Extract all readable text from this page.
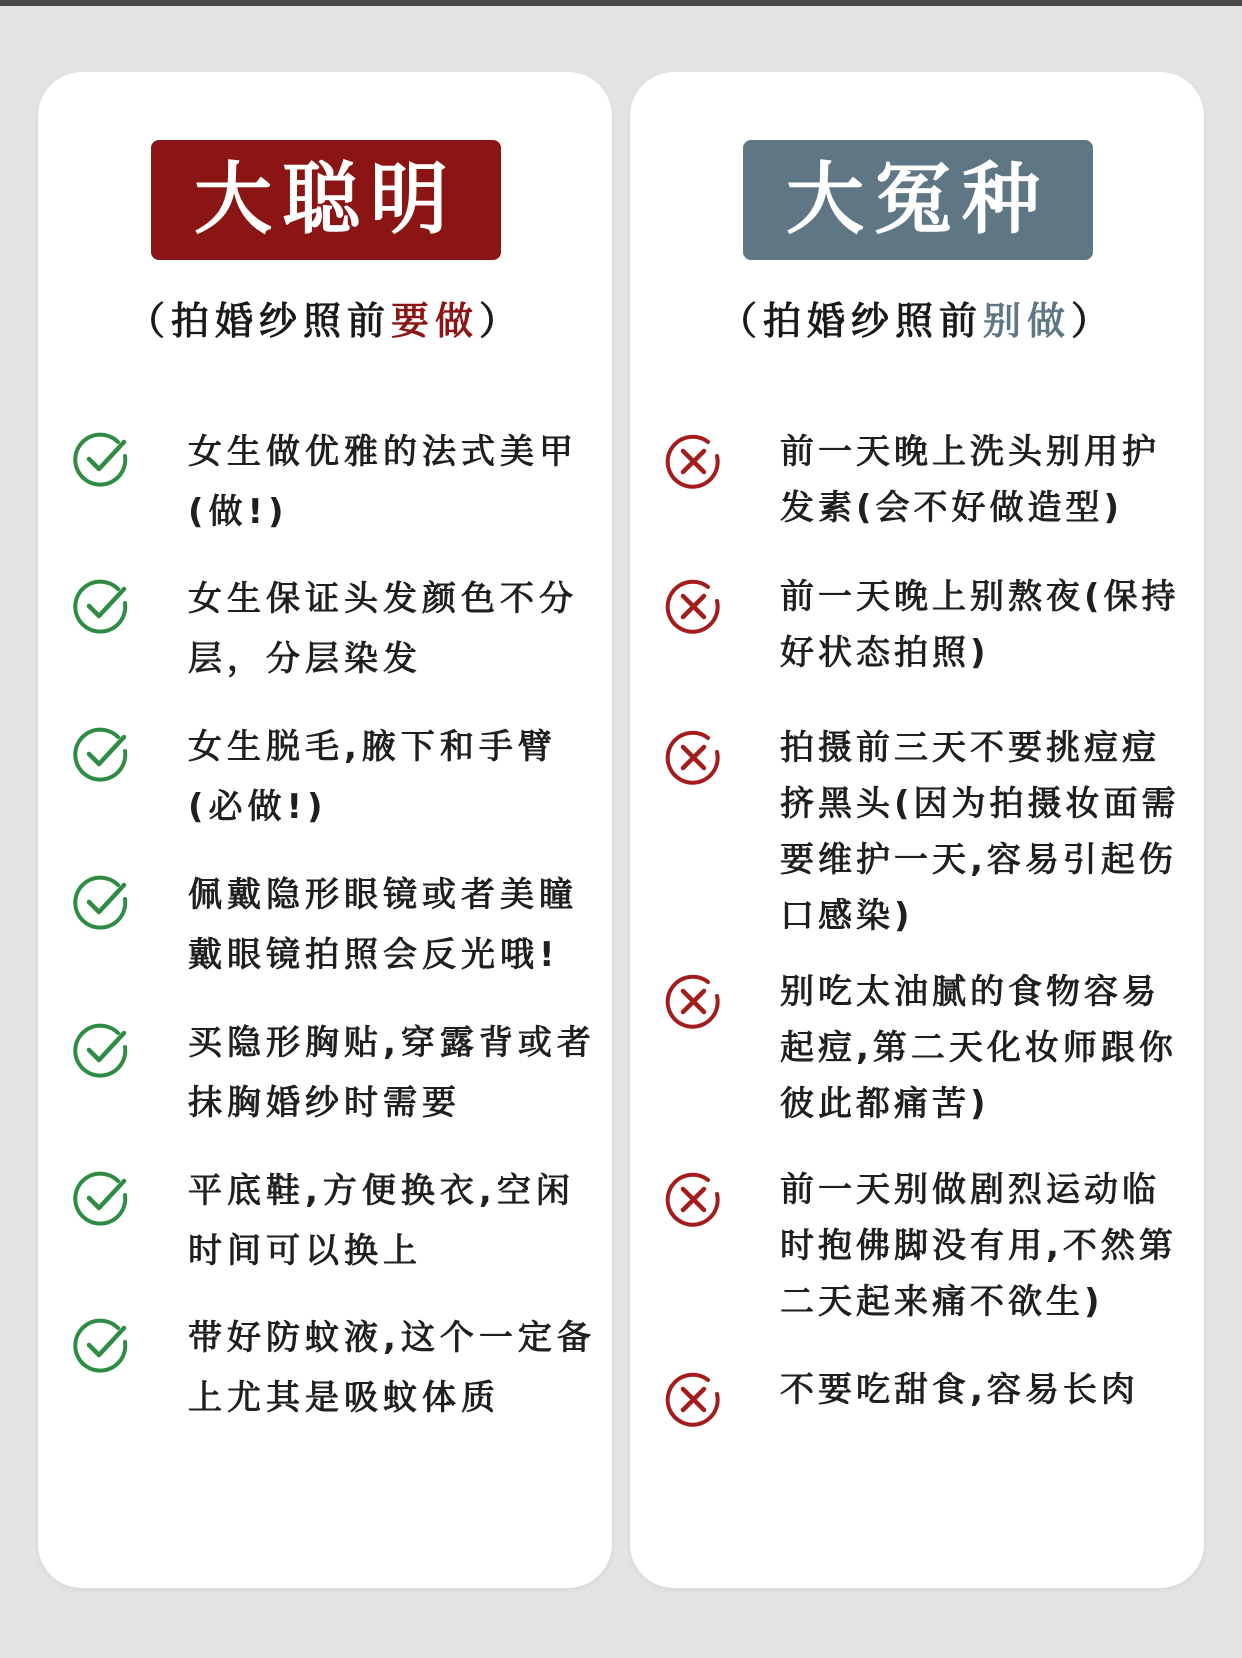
大聪明
（拍婚纱照前要做）
女生做优雅的法式美甲(做!)
女生保证头发颜色不分层，分层染发
女生脱毛,腋下和手臂(必做!)
佩戴隐形眼镜或者美瞳戴眼镜拍照会反光哦!
买隐形胸贴,穿露背或者抹胸婚纱时需要
平底鞋,方便换衣,空闲时间可以换上
带好防蚊液,这个一定备上尤其是吸蚊体质
大冤种
（拍婚纱照前别做）
前一天晚上洗头别用护发素(会不好做造型)
前一天晚上别熬夜(保持好状态拍照)
拍摄前三天不要挑痘痘挤黑头(因为拍摄妆面需要维护一天,容易引起伤口感染)
别吃太油腻的食物容易起痘,第二天化妆师跟你彼此都痛苦)
前一天别做剧烈运动临时抱佛脚没有用,不然第二天起来痛不欲生)
不要吃甜食,容易长肉
